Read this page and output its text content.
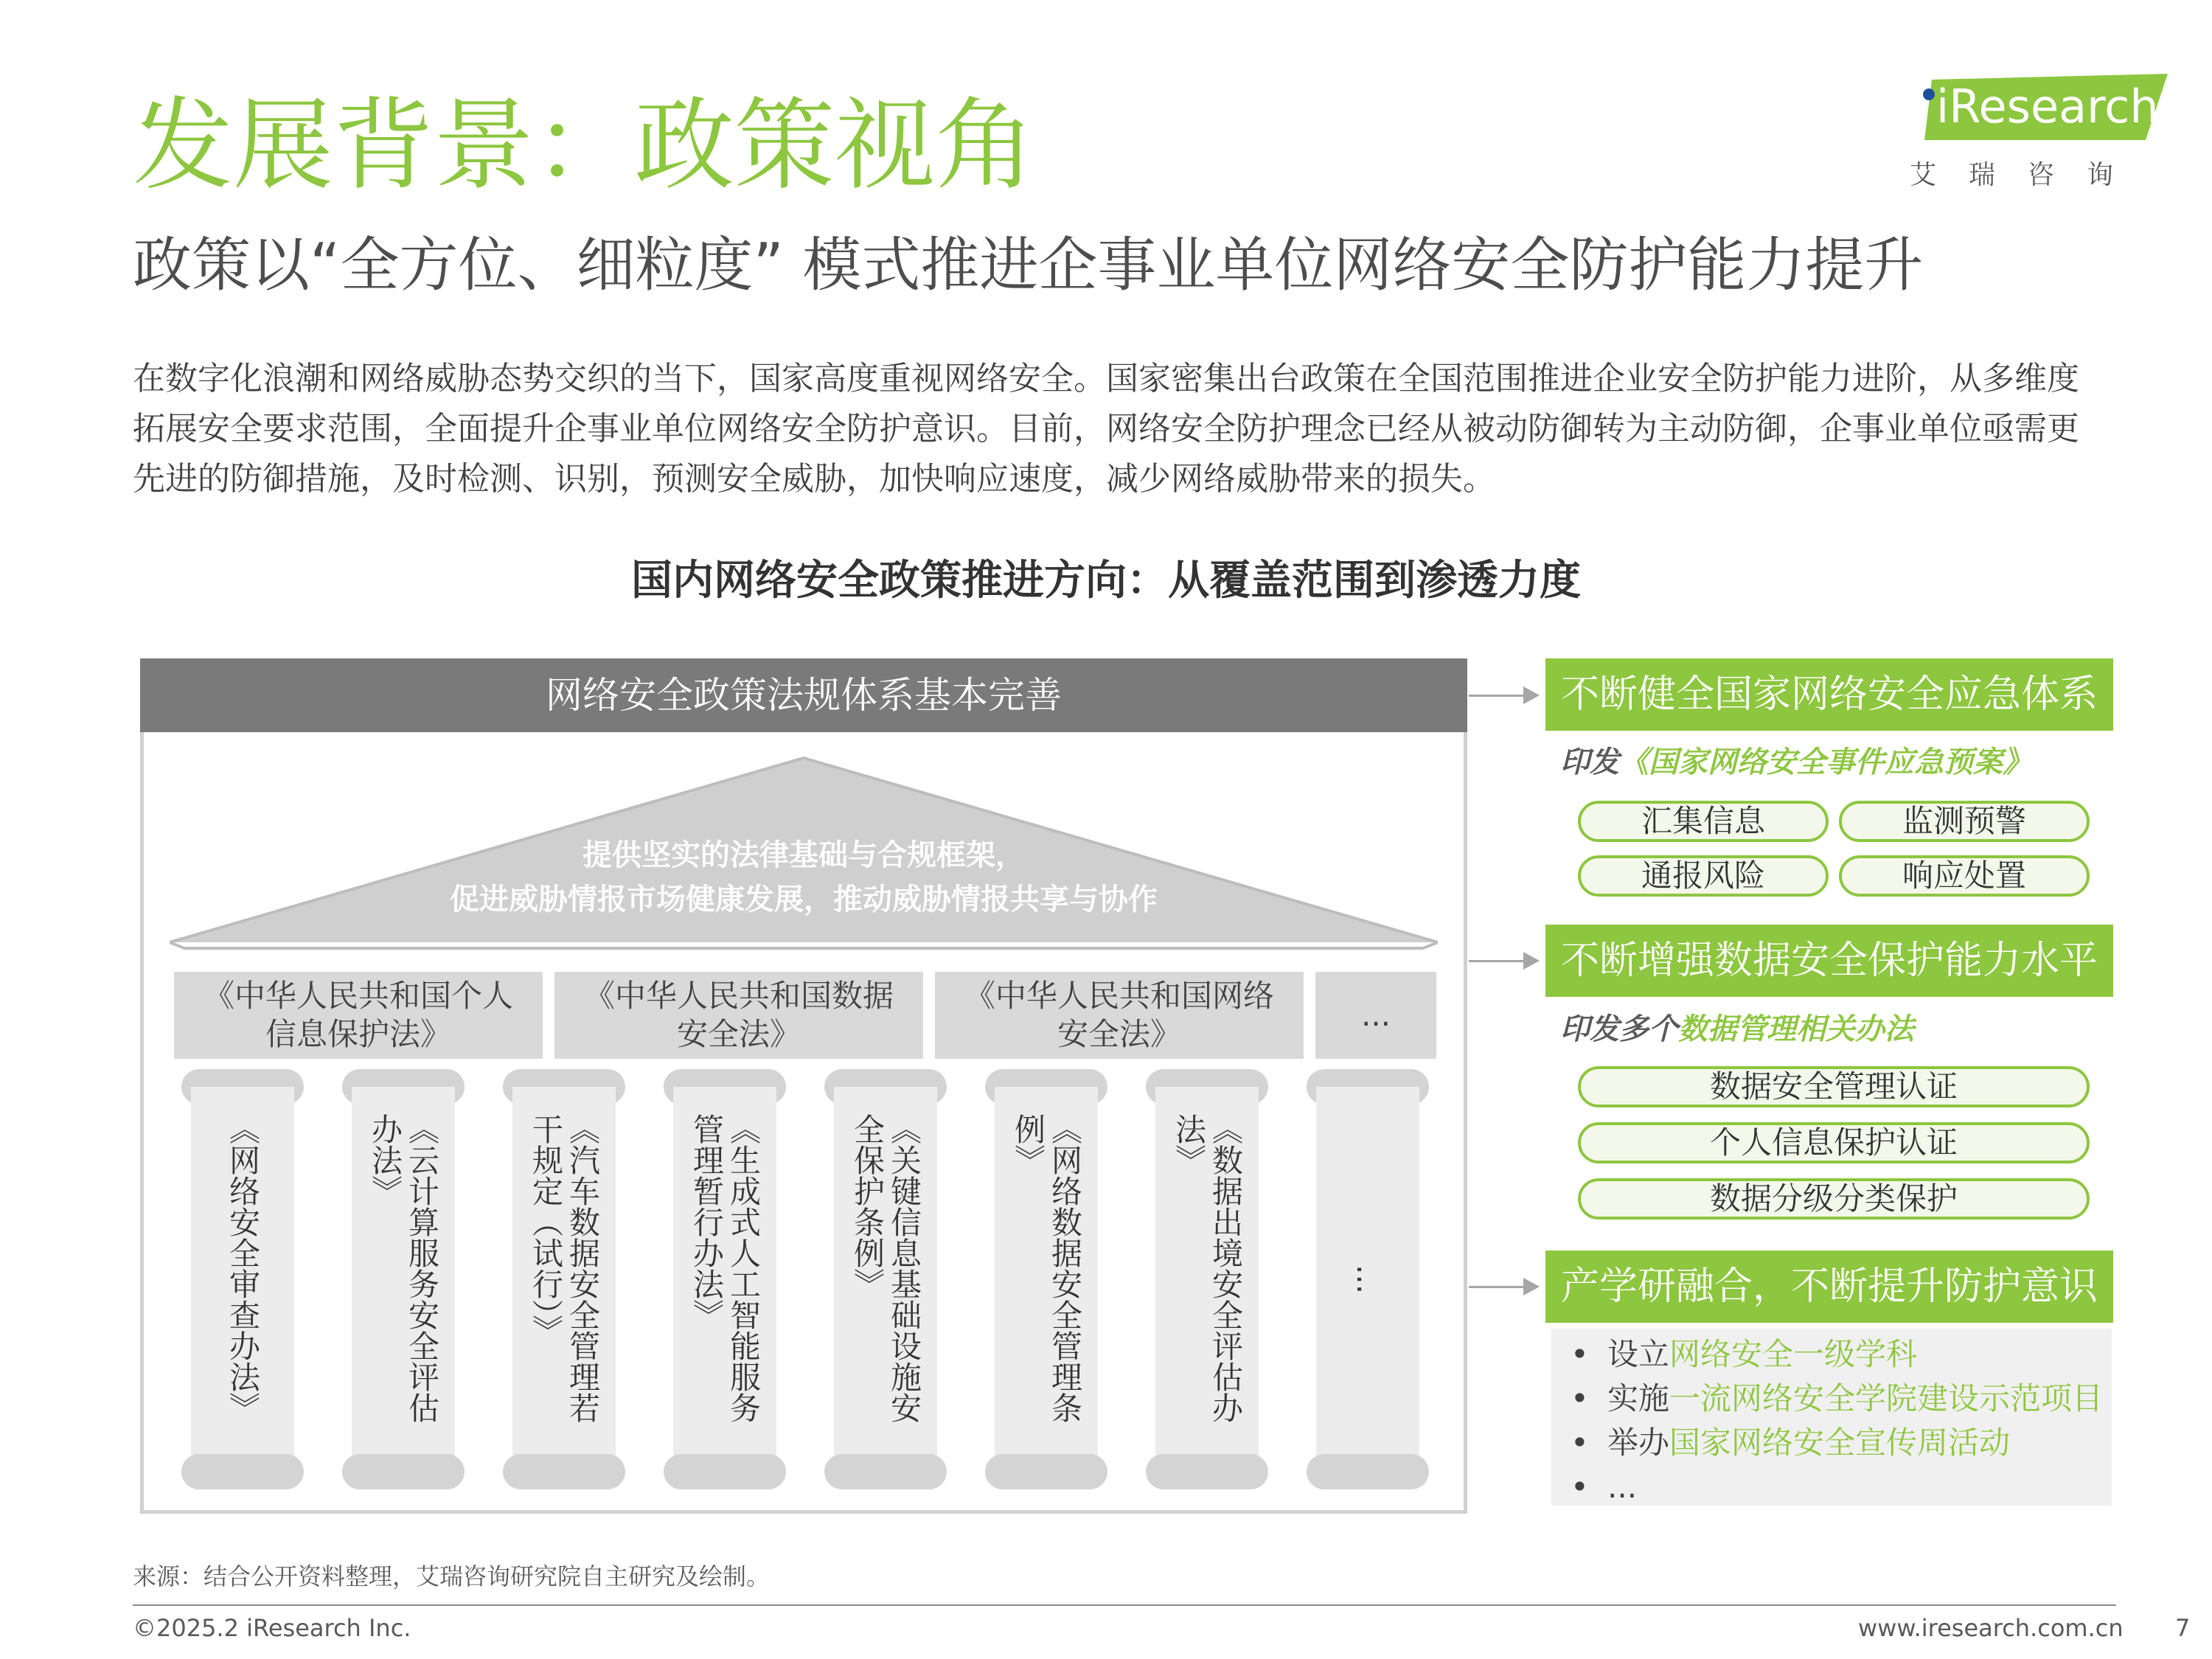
发展背景：政策视角
政策以“全方位、细粒度” 模式推进企事业单位网络安全防护能力提升
iResearch
艾瑞咨询
在数字化浪潮和网络威胁态势交织的当下，国家高度重视网络安全。国家密集出台政策在全国范围推进企业安全防护能力进阶，从多维度拓展安全要求范围，全面提升企事业单位网络安全防护意识。目前，网络安全防护理念已经从被动防御转为主动防御，企事业单位亟需更先进的防御措施，及时检测、识别，预测安全威胁，加快响应速度，减少网络威胁带来的损失。
国内网络安全政策推进方向：从覆盖范围到渗透力度
网络安全政策法规体系基本完善
提供坚实的法律基础与合规框架，
促进威胁情报市场健康发展，推动威胁情报共享与协作
《中华人民共和国个人信息保护法》
《中华人民共和国数据安全法》
《中华人民共和国网络安全法》
...
《网络安全审查办法》	《云计算服务安全评估办法》	《汽车数据安全管理若干规定（试行）》	《生成式人工智能服务管理暂行办法》	《关键信息基础设施安全保护条例》	《网络数据安全管理条例》	《数据出境安全评估办法》
...
不断健全国家网络安全应急体系
印发《国家网络安全事件应急预案》
汇集信息	监测预警
通报风险	响应处置
不断增强数据安全保护能力水平
印发多个数据管理相关办法
数据安全管理认证
个人信息保护认证
数据分级分类保护
产学研融合，不断提升防护意识
• 设立网络安全一级学科
• 实施一流网络安全学院建设示范项目
• 举办国家网络安全宣传周活动
• ...
来源：结合公开资料整理，艾瑞咨询研究院自主研究及绘制。
©2025.2 iResearch Inc.	www.iresearch.com.cn 7
